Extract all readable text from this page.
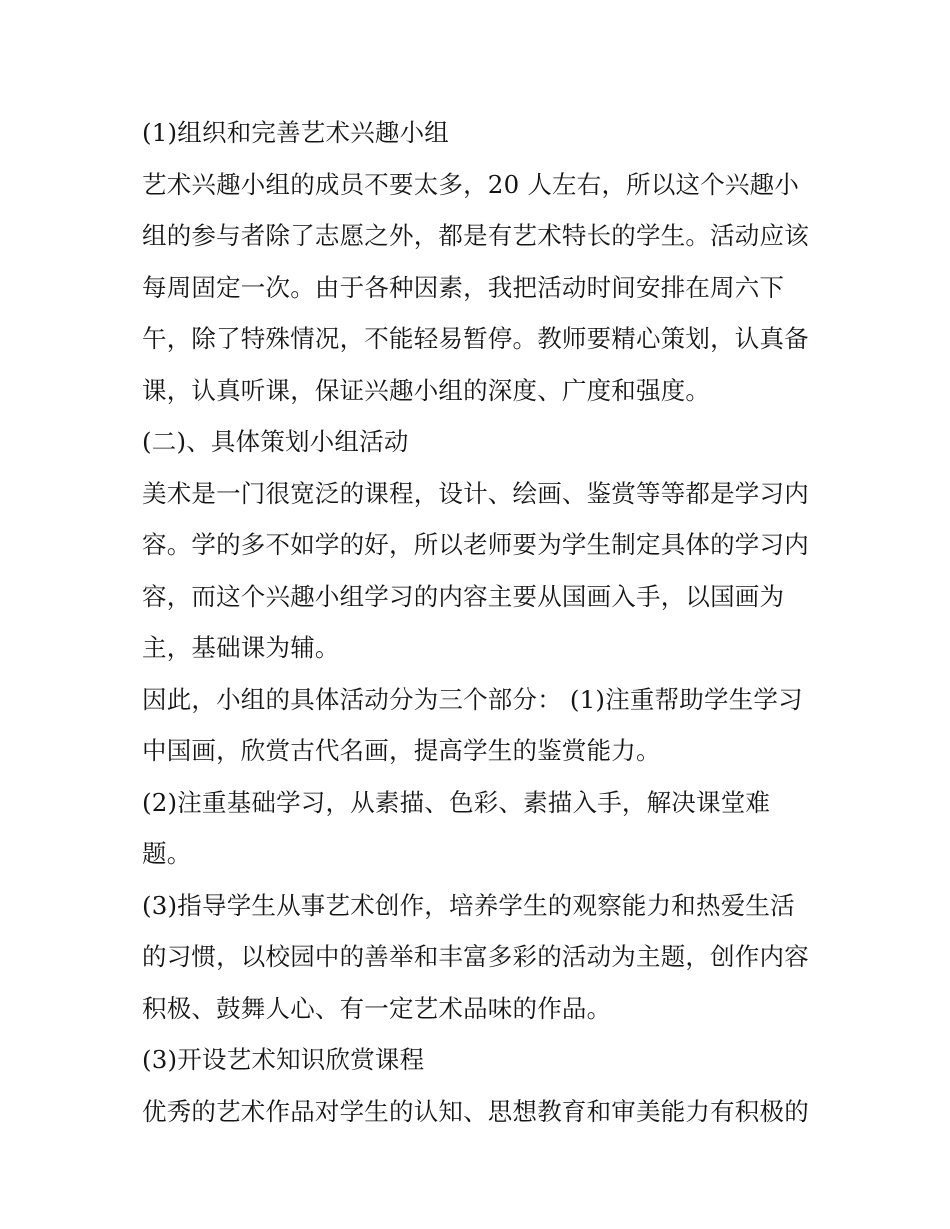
(1)组织和完善艺术兴趣小组
艺术兴趣小组的成员不要太多，20 人左右，所以这个兴趣小
组的参与者除了志愿之外，都是有艺术特长的学生。活动应该
每周固定一次。由于各种因素，我把活动时间安排在周六下
午，除了特殊情况，不能轻易暂停。教师要精心策划，认真备
课，认真听课，保证兴趣小组的深度、广度和强度。
(二)、具体策划小组活动
美术是一门很宽泛的课程，设计、绘画、鉴赏等等都是学习内
容。学的多不如学的好，所以老师要为学生制定具体的学习内
容，而这个兴趣小组学习的内容主要从国画入手，以国画为
主，基础课为辅。
因此，小组的具体活动分为三个部分： (1)注重帮助学生学习
中国画，欣赏古代名画，提高学生的鉴赏能力。
(2)注重基础学习，从素描、色彩、素描入手，解决课堂难
题。
(3)指导学生从事艺术创作，培养学生的观察能力和热爱生活
的习惯，以校园中的善举和丰富多彩的活动为主题，创作内容
积极、鼓舞人心、有一定艺术品味的作品。
(3)开设艺术知识欣赏课程
优秀的艺术作品对学生的认知、思想教育和审美能力有积极的
